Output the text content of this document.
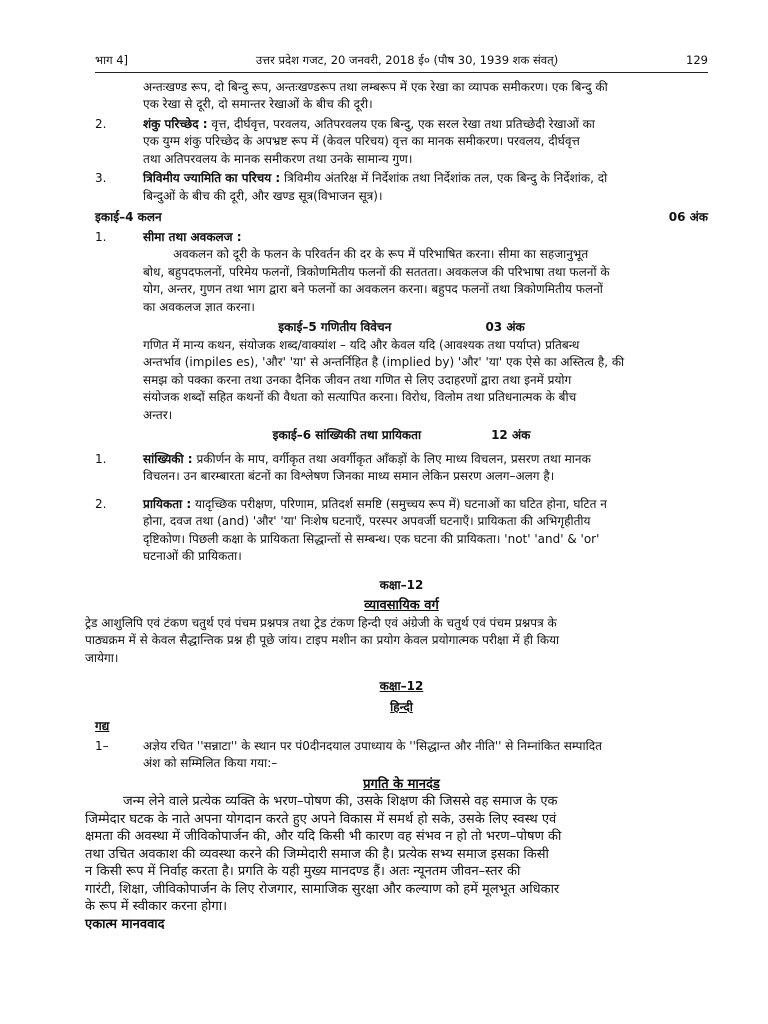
भाग 4]	उत्तर प्रदेश गजट, 20 जनवरी, 2018 ई० (पौष 30, 1939 शक संवत्)	129
अन्तःखण्ड रूप, दो बिन्दु रूप, अन्तःखण्डरूप तथा लम्बरूप में एक रेखा का व्यापक समीकरण। एक बिन्दु की
एक रेखा से दूरी, दो समान्तर रेखाओं के बीच की दूरी।
2.	शंकु परिच्छेद : वृत्त, दीर्घवृत्त, परवलय, अतिपरवलय एक बिन्दु, एक सरल रेखा तथा प्रतिच्छेदी रेखाओं का
एक युग्म शंकु परिच्छेद के अपभ्रष्ट रूप में (केवल परिचय) वृत्त का मानक समीकरण। परवलय, दीर्घवृत्त
तथा अतिपरवलय के मानक समीकरण तथा उनके सामान्य गुण।
3.	त्रिविमीय ज्यामिति का परिचय : त्रिविमीय अंतरिक्ष में निर्देशांक तथा निर्देशांक तल, एक बिन्दु के निर्देशांक, दो
बिन्दुओं के बीच की दूरी, और खण्ड सूत्र(विभाजन सूत्र)।
इकाई–4 कलन	06 अंक
1.	सीमा तथा अवकलज :
अवकलन को दूरी के फलन के परिवर्तन की दर के रूप में परिभाषित करना। सीमा का सहजानुभूत
बोध, बहुपदफलनों, परिमेय फलनों, त्रिकोणमितीय फलनों की सततता। अवकलज की परिभाषा तथा फलनों के
योग, अन्तर, गुणन तथा भाग द्वारा बने फलनों का अवकलन करना। बहुपद फलनों तथा त्रिकोणमितीय फलनों
का अवकलज ज्ञात करना।
इकाई–5 गणितीय विवेचन	03 अंक
गणित में मान्य कथन, संयोजक शब्द/वाक्यांश – यदि और केवल यदि (आवश्यक तथा पर्याप्त) प्रतिबन्ध
अन्तर्भाव (impiles es), 'और' 'या' से अन्तर्निहित है (implied by) 'और' 'या' एक ऐसे का अस्तित्व है, की
समझ को पक्का करना तथा उनका दैनिक जीवन तथा गणित से लिए उदाहरणों द्वारा तथा इनमें प्रयोग
संयोजक शब्दों सहित कथनों की वैधता को सत्यापित करना। विरोध, विलोम तथा प्रतिधनात्मक के बीच
अन्तर।
इकाई–6 सांख्यिकी तथा प्रायिकता	12 अंक
1.	सांख्यिकी : प्रकीर्णन के माप, वर्गीकृत तथा अवर्गीकृत आँकड़ों के लिए माध्य विचलन, प्रसरण तथा मानक
विचलन। उन बारम्बारता बंटनों का विश्लेषण जिनका माध्य समान लेकिन प्रसरण अलग–अलग है।
2.	प्रायिकता : यादृच्छिक परीक्षण, परिणाम, प्रतिदर्श समष्टि (समुच्चय रूप में) घटनाओं का घटित होना, घटित न
होना, दवज तथा (and) 'और' 'या' निःशेष घटनाएँ, परस्पर अपवर्जी घटनाएँ। प्रायिकता की अभिगृहीतीय
दृष्टिकोण। पिछली कक्षा के प्रायिकता सिद्धान्तों से सम्बन्ध। एक घटना की प्रायिकता। 'not' 'and' & 'or'
घटनाओं की प्रायिकता।
कक्षा–12
व्यावसायिक वर्ग
ट्रेड आशुलिपि एवं टंकण चतुर्थ एवं पंचम प्रश्नपत्र तथा ट्रेड टंकण हिन्दी एवं अंग्रेजी के चतुर्थ एवं पंचम प्रश्नपत्र के
पाठ्यक्रम में से केवल सैद्धान्तिक प्रश्न ही पूछे जांय। टाइप मशीन का प्रयोग केवल प्रयोगात्मक परीक्षा में ही किया
जायेगा।
कक्षा–12
हिन्दी
गद्य
1–	अज्ञेय रचित ''सन्नाटा'' के स्थान पर पं0दीनदयाल उपाध्याय के ''सिद्धान्त और नीति'' से निम्नांकित सम्पादित
अंश को सम्मिलित किया गया:–
प्रगति के मानदंड
जन्म लेने वाले प्रत्येक व्यक्ति के भरण–पोषण की, उसके शिक्षण की जिससे वह समाज के एक
जिम्मेदार घटक के नाते अपना योगदान करते हुए अपने विकास में समर्थ हो सके, उसके लिए स्वस्थ एवं
क्षमता की अवस्था में जीविकोपार्जन की, और यदि किसी भी कारण वह संभव न हो तो भरण–पोषण की
तथा उचित अवकाश की व्यवस्था करने की जिम्मेदारी समाज की है। प्रत्येक सभ्य समाज इसका किसी
न किसी रूप में निर्वाह करता है। प्रगति के यही मुख्य मानदण्ड हैं। अतः न्यूनतम जीवन–स्तर की
गारंटी, शिक्षा, जीविकोपार्जन के लिए रोजगार, सामाजिक सुरक्षा और कल्याण को हमें मूलभूत अधिकार
के रूप में स्वीकार करना होगा।
एकात्म मानववाद
